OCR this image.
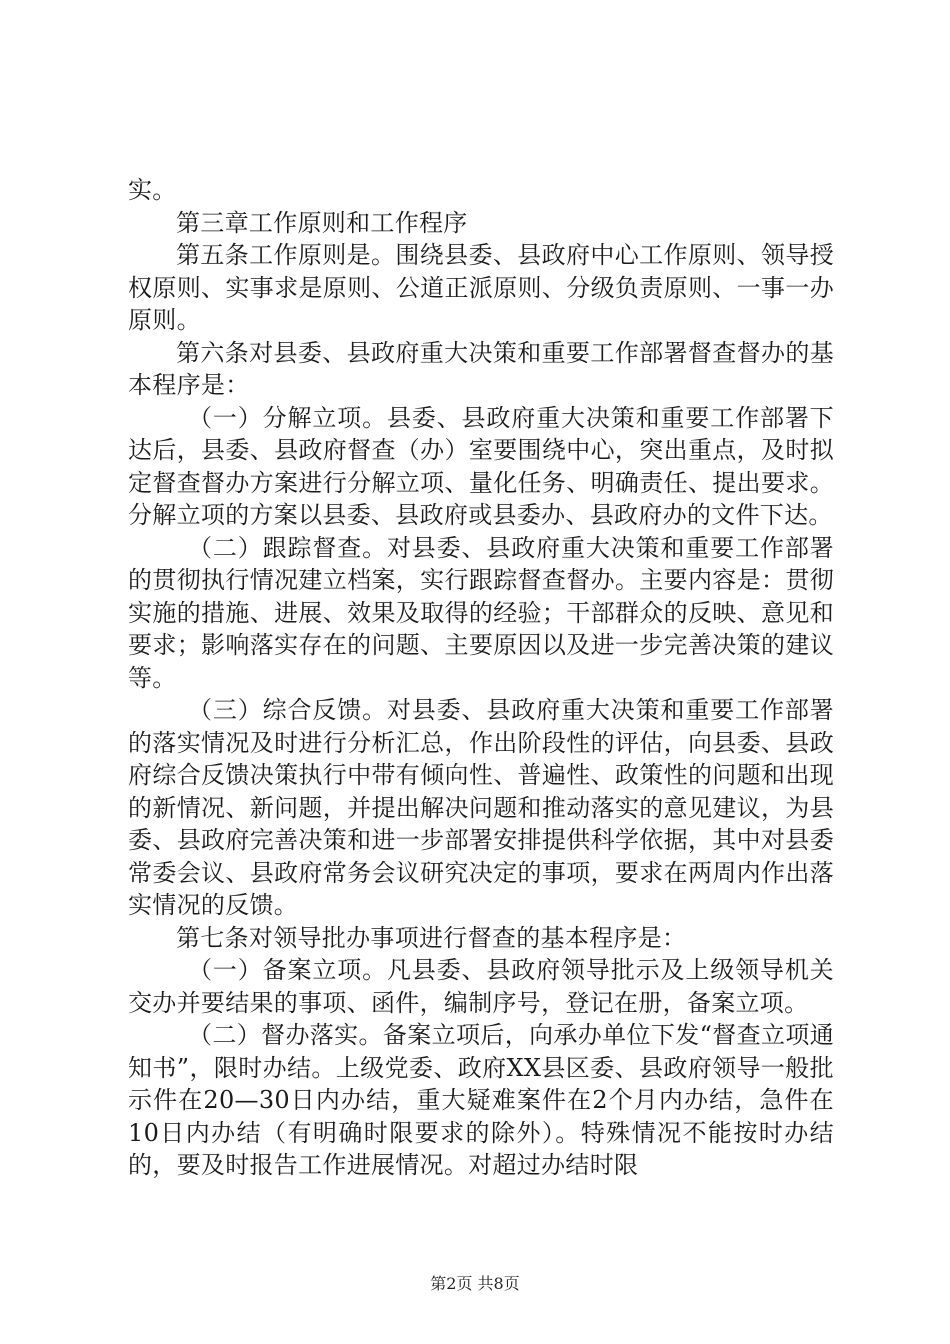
实。

第三章工作原则和工作程序

第五条工作原则是。围绕县委、县政府中心工作原则、领导授权原则、实事求是原则、公道正派原则、分级负责原则、一事一办原则。

第六条对县委、县政府重大决策和重要工作部署督查督办的基本程序是：

（一）分解立项。县委、县政府重大决策和重要工作部署下达后，县委、县政府督查（办）室要围绕中心，突出重点，及时拟定督查督办方案进行分解立项、量化任务、明确责任、提出要求。分解立项的方案以县委、县政府或县委办、县政府办的文件下达。

（二）跟踪督查。对县委、县政府重大决策和重要工作部署的贯彻执行情况建立档案，实行跟踪督查督办。主要内容是：贯彻实施的措施、进展、效果及取得的经验；干部群众的反映、意见和要求；影响落实存在的问题、主要原因以及进一步完善决策的建议等。

（三）综合反馈。对县委、县政府重大决策和重要工作部署的落实情况及时进行分析汇总，作出阶段性的评估，向县委、县政府综合反馈决策执行中带有倾向性、普遍性、政策性的问题和出现的新情况、新问题，并提出解决问题和推动落实的意见建议，为县委、县政府完善决策和进一步部署安排提供科学依据，其中对县委常委会议、县政府常务会议研究决定的事项，要求在两周内作出落实情况的反馈。

第七条对领导批办事项进行督查的基本程序是：

（一）备案立项。凡县委、县政府领导批示及上级领导机关交办并要结果的事项、函件，编制序号，登记在册，备案立项。

（二）督办落实。备案立项后，向承办单位下发“督查立项通知书”，限时办结。上级党委、政府XX县区委、县政府领导一般批示件在20—30日内办结，重大疑难案件在2个月内办结，急件在10日内办结（有明确时限要求的除外）。特殊情况不能按时办结的，要及时报告工作进展情况。对超过办结时限

第2页 共8页
